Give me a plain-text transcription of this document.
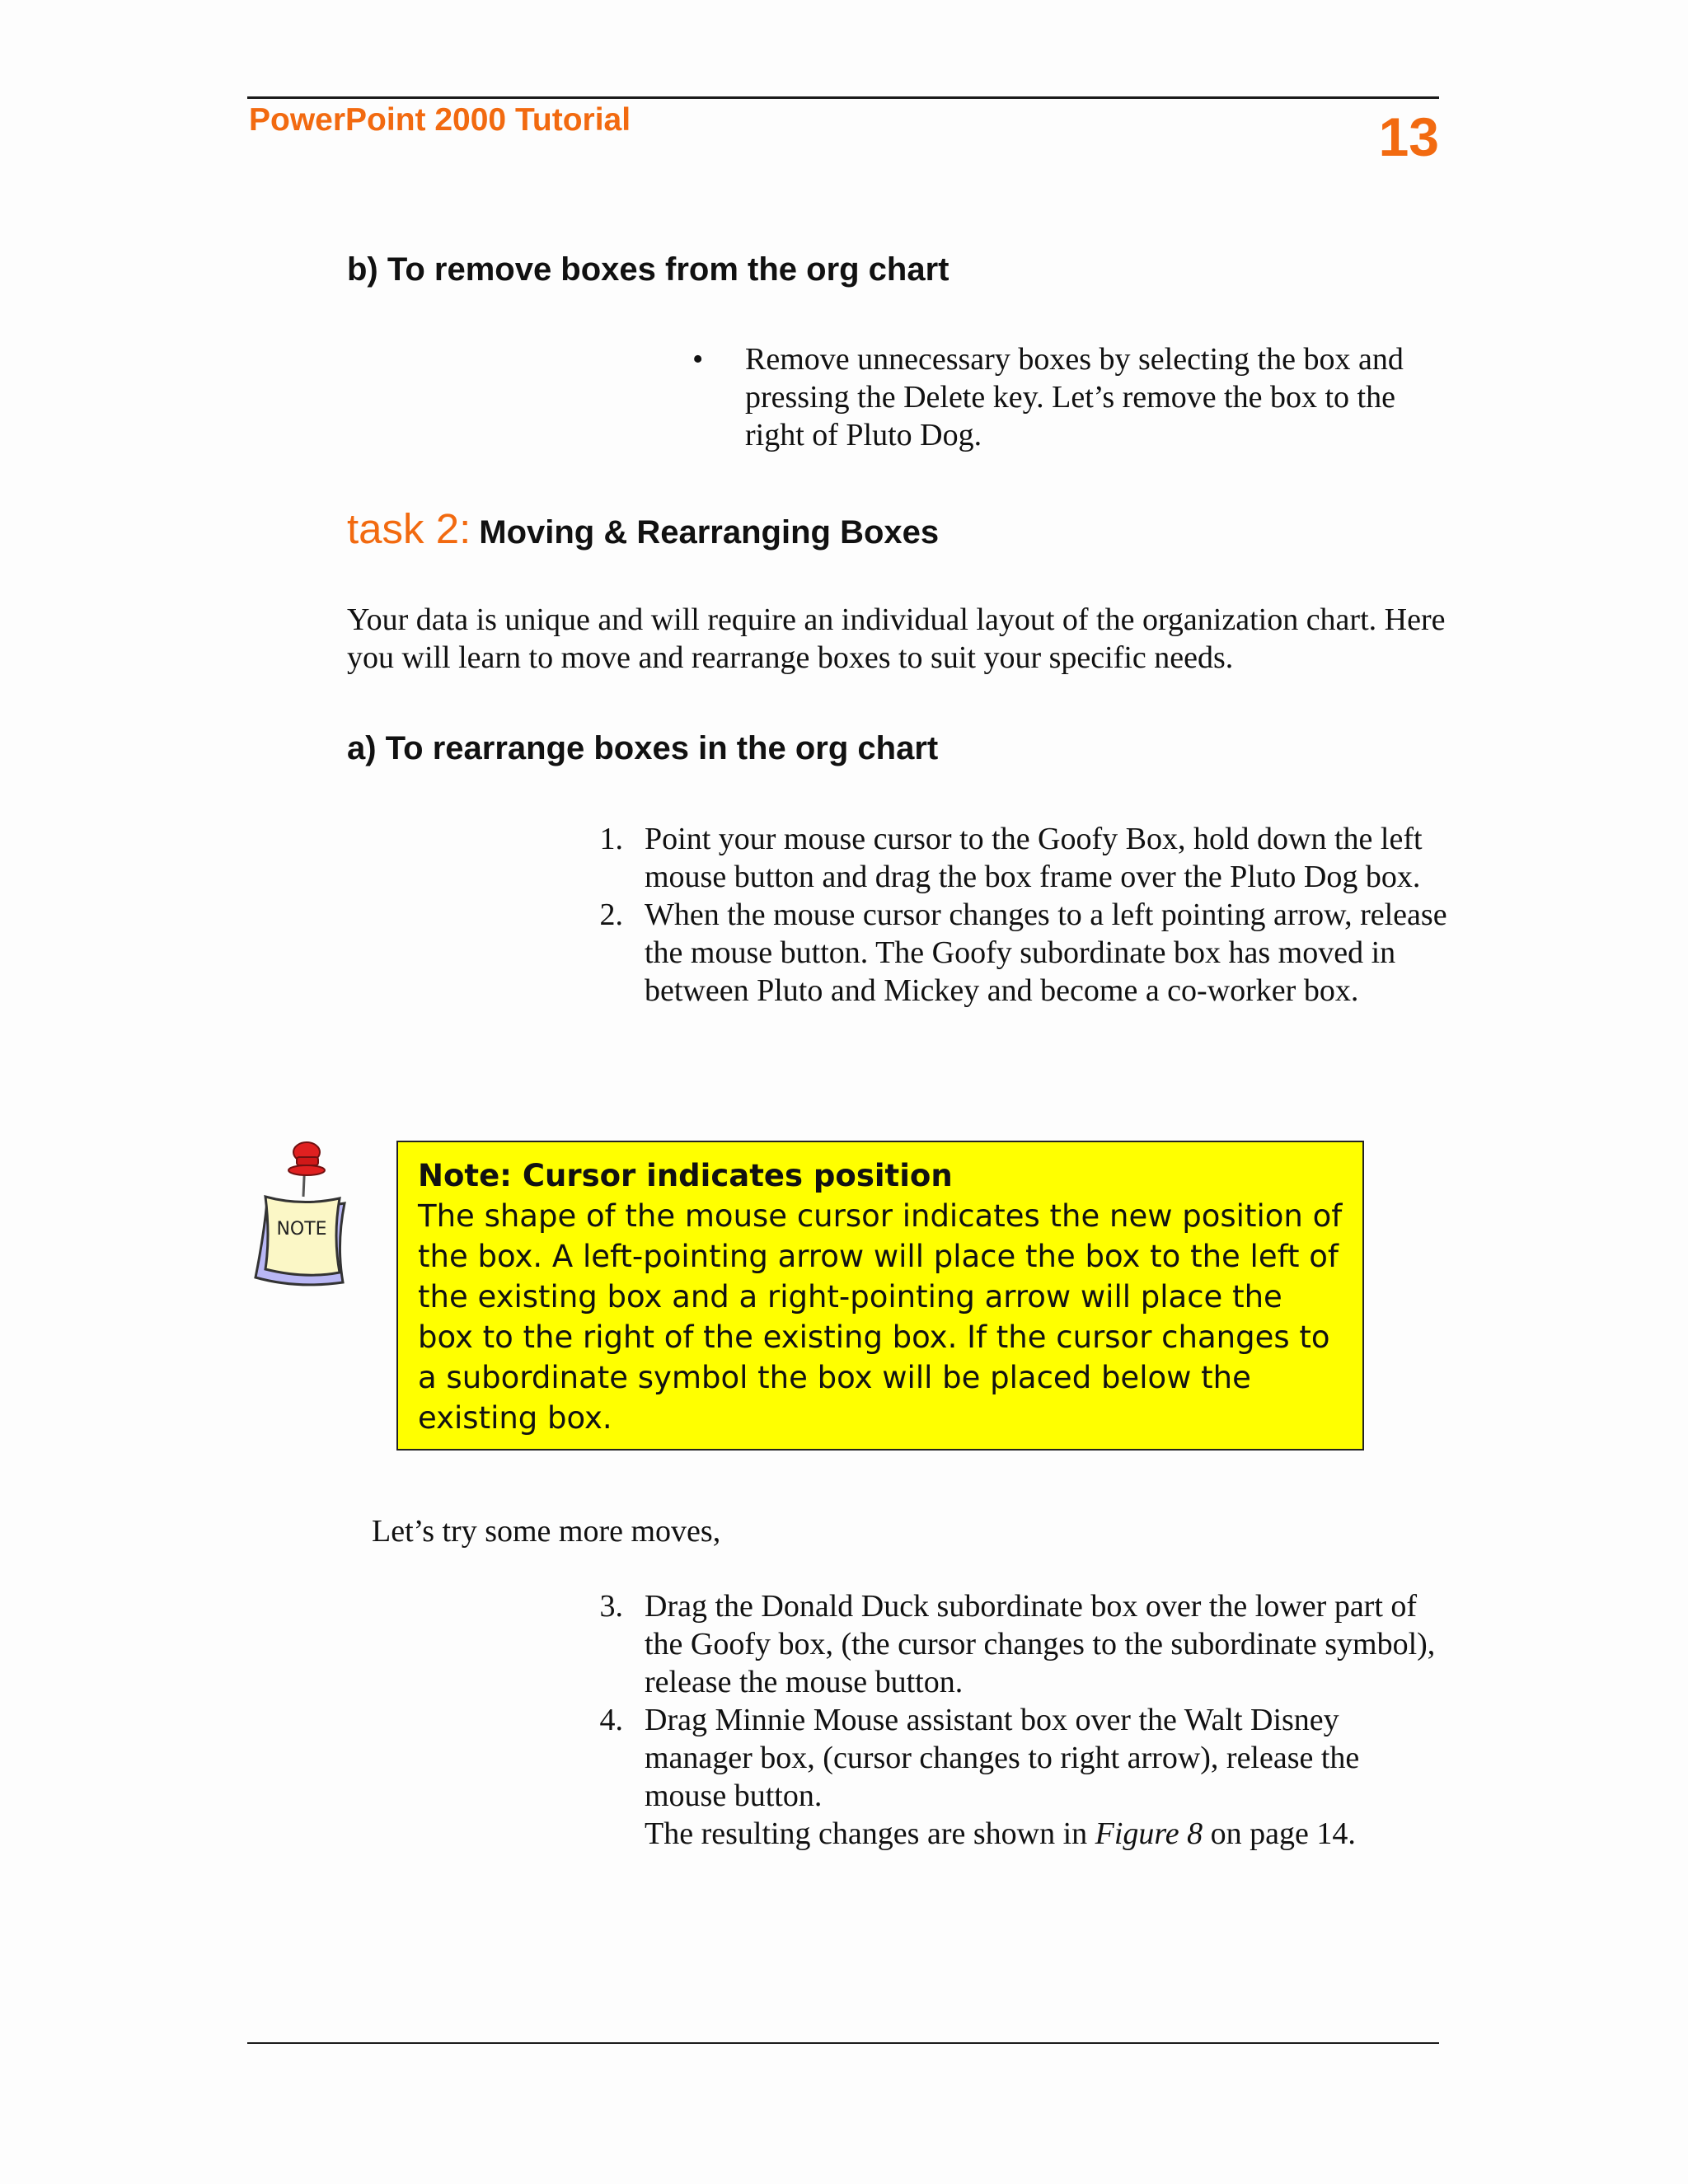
PowerPoint 2000 Tutorial	13
b) To remove boxes from the org chart
• Remove unnecessary boxes by selecting the box and pressing the Delete key. Let’s remove the box to the right of Pluto Dog.
task 2: Moving & Rearranging Boxes
Your data is unique and will require an individual layout of the organization chart. Here you will learn to move and rearrange boxes to suit your specific needs.
a) To rearrange boxes in the org chart
1. Point your mouse cursor to the Goofy Box, hold down the left mouse button and drag the box frame over the Pluto Dog box.
2. When the mouse cursor changes to a left pointing arrow, release the mouse button. The Goofy subordinate box has moved in between Pluto and Mickey and become a co-worker box.
NOTE
Note: Cursor indicates position
The shape of the mouse cursor indicates the new position of the box. A left-pointing arrow will place the box to the left of the existing box and a right-pointing arrow will place the box to the right of the existing box. If the cursor changes to a subordinate symbol the box will be placed below the existing box.
Let’s try some more moves,
3. Drag the Donald Duck subordinate box over the lower part of the Goofy box, (the cursor changes to the subordinate symbol), release the mouse button.
4. Drag Minnie Mouse assistant box over the Walt Disney manager box, (cursor changes to right arrow), release the mouse button.
The resulting changes are shown in Figure 8 on page 14.
